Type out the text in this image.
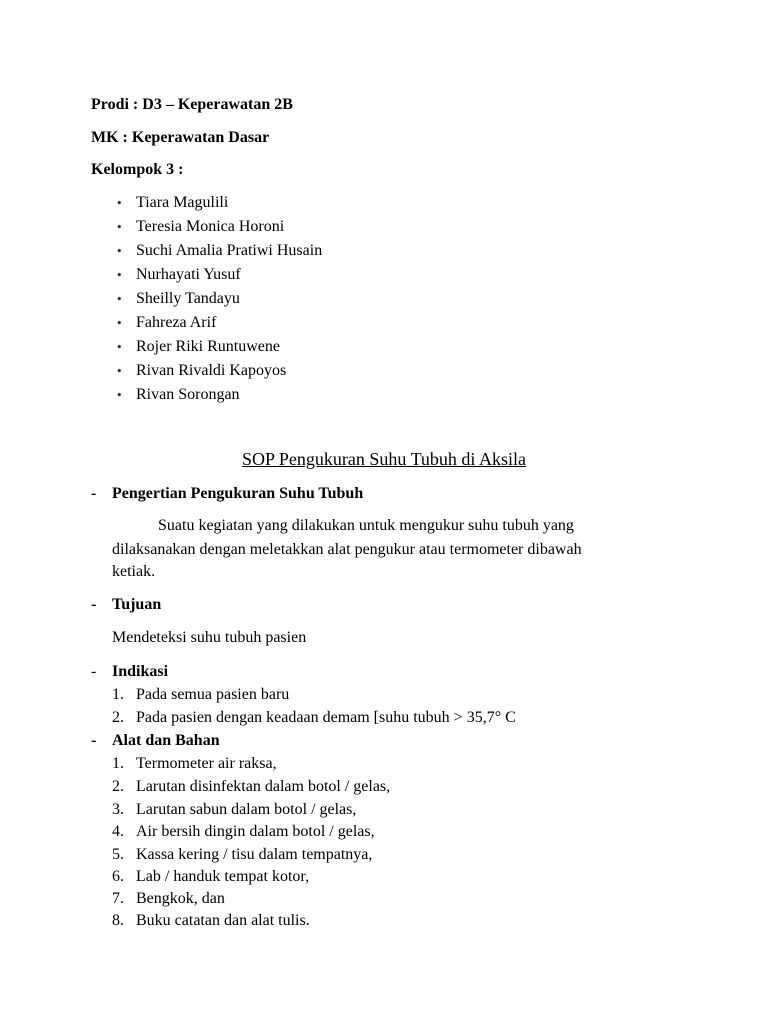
Prodi : D3 – Keperawatan 2B
MK : Keperawatan Dasar
Kelompok 3 :
• Tiara Magulili
• Teresia Monica Horoni
• Suchi Amalia Pratiwi Husain
• Nurhayati Yusuf
• Sheilly Tandayu
• Fahreza Arif
• Rojer Riki Runtuwene
• Rivan Rivaldi Kapoyos
• Rivan Sorongan
SOP Pengukuran Suhu Tubuh di Aksila
- Pengertian Pengukuran Suhu Tubuh
Suatu kegiatan yang dilakukan untuk mengukur suhu tubuh yang
dilaksanakan dengan meletakkan alat pengukur atau termometer dibawah
ketiak.
- Tujuan
Mendeteksi suhu tubuh pasien
- Indikasi
1. Pada semua pasien baru
2. Pada pasien dengan keadaan demam [suhu tubuh > 35,7° C
- Alat dan Bahan
1. Termometer air raksa,
2. Larutan disinfektan dalam botol / gelas,
3. Larutan sabun dalam botol / gelas,
4. Air bersih dingin dalam botol / gelas,
5. Kassa kering / tisu dalam tempatnya,
6. Lab / handuk tempat kotor,
7. Bengkok, dan
8. Buku catatan dan alat tulis.
